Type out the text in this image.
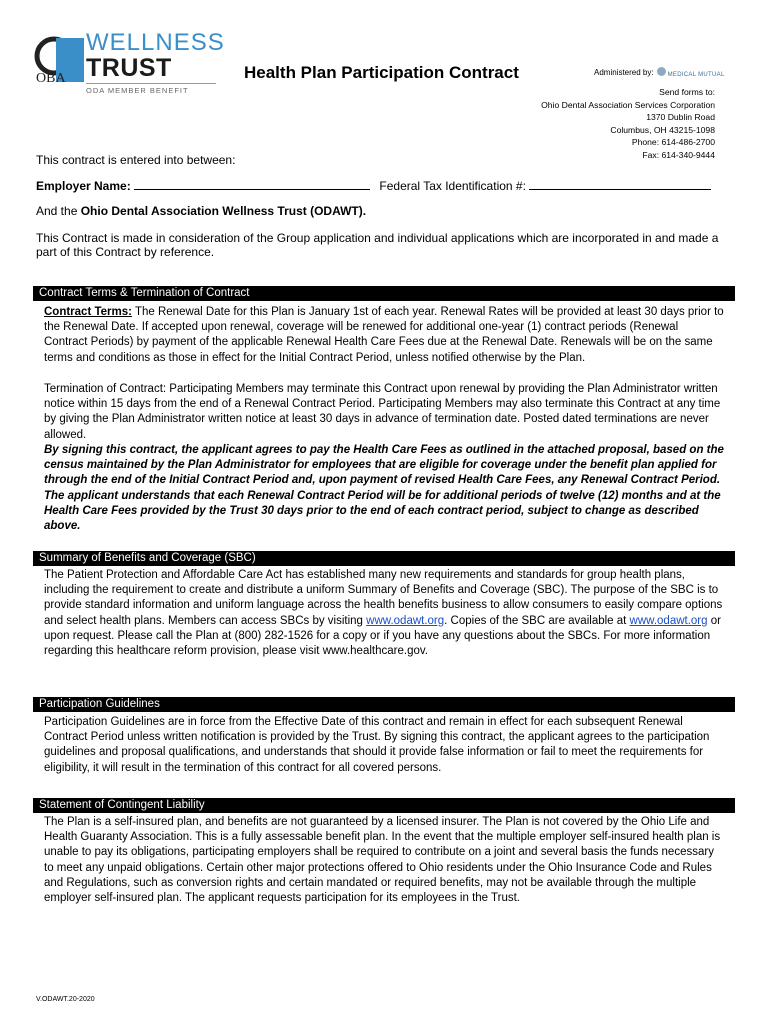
OBA
WELLNESS
TRUST
ODA MEMBER BENEFIT
Health Plan Participation Contract	Administered by:	MEDICAL MUTUAL
Send forms to:
Ohio Dental Association Services Corporation
1370 Dublin Road
Columbus, OH 43215-1098
Phone: 614-486-2700
Fax: 614-340-9444
This contract is entered into between:
Employer Name:	Federal Tax Identification #:
And the Ohio Dental Association Wellness Trust (ODAWT).
This Contract is made in consideration of the Group application and individual applications which are incorporated in and made a part of this Contract by reference.
Contract Terms & Termination of Contract
Contract Terms: The Renewal Date for this Plan is January 1st of each year. Renewal Rates will be provided at least 30 days prior to the Renewal Date. If accepted upon renewal, coverage will be renewed for additional one-year (1) contract periods (Renewal Contract Periods) by payment of the applicable Renewal Health Care Fees due at the Renewal Date. Renewals will be on the same terms and conditions as those in effect for the Initial Contract Period, unless notified otherwise by the Plan.
Termination of Contract: Participating Members may terminate this Contract upon renewal by providing the Plan Administrator written notice within 15 days from the end of a Renewal Contract Period. Participating Members may also terminate this Contract at any time by giving the Plan Administrator written notice at least 30 days in advance of termination date. Posted dated terminations are never allowed.
By signing this contract, the applicant agrees to pay the Health Care Fees as outlined in the attached proposal, based on the census maintained by the Plan Administrator for employees that are eligible for coverage under the benefit plan applied for through the end of the Initial Contract Period and, upon payment of revised Health Care Fees, any Renewal Contract Period. The applicant understands that each Renewal Contract Period will be for additional periods of twelve (12) months and at the Health Care Fees provided by the Trust 30 days prior to the end of each contract period, subject to change as described above.
Summary of Benefits and Coverage (SBC)
The Patient Protection and Affordable Care Act has established many new requirements and standards for group health plans, including the requirement to create and distribute a uniform Summary of Benefits and Coverage (SBC). The purpose of the SBC is to provide standard information and uniform language across the health benefits business to allow consumers to easily compare options and select health plans. Members can access SBCs by visiting www.odawt.org. Copies of the SBC are available at www.odawt.org or upon request. Please call the Plan at (800) 282-1526 for a copy or if you have any questions about the SBCs. For more information regarding this healthcare reform provision, please visit www.healthcare.gov.
Participation Guidelines
Participation Guidelines are in force from the Effective Date of this contract and remain in effect for each subsequent Renewal Contract Period unless written notification is provided by the Trust. By signing this contract, the applicant agrees to the participation guidelines and proposal qualifications, and understands that should it provide false information or fail to meet the requirements for eligibility, it will result in the termination of this contract for all covered persons.
Statement of Contingent Liability
The Plan is a self-insured plan, and benefits are not guaranteed by a licensed insurer. The Plan is not covered by the Ohio Life and Health Guaranty Association. This is a fully assessable benefit plan. In the event that the multiple employer self-insured health plan is unable to pay its obligations, participating employers shall be required to contribute on a joint and several basis the funds necessary to meet any unpaid obligations. Certain other major protections offered to Ohio residents under the Ohio Insurance Code and Rules and Regulations, such as conversion rights and certain mandated or required benefits, may not be available through the multiple employer self-insured plan. The applicant requests participation for its employees in the Trust.
V.ODAWT.20-2020
